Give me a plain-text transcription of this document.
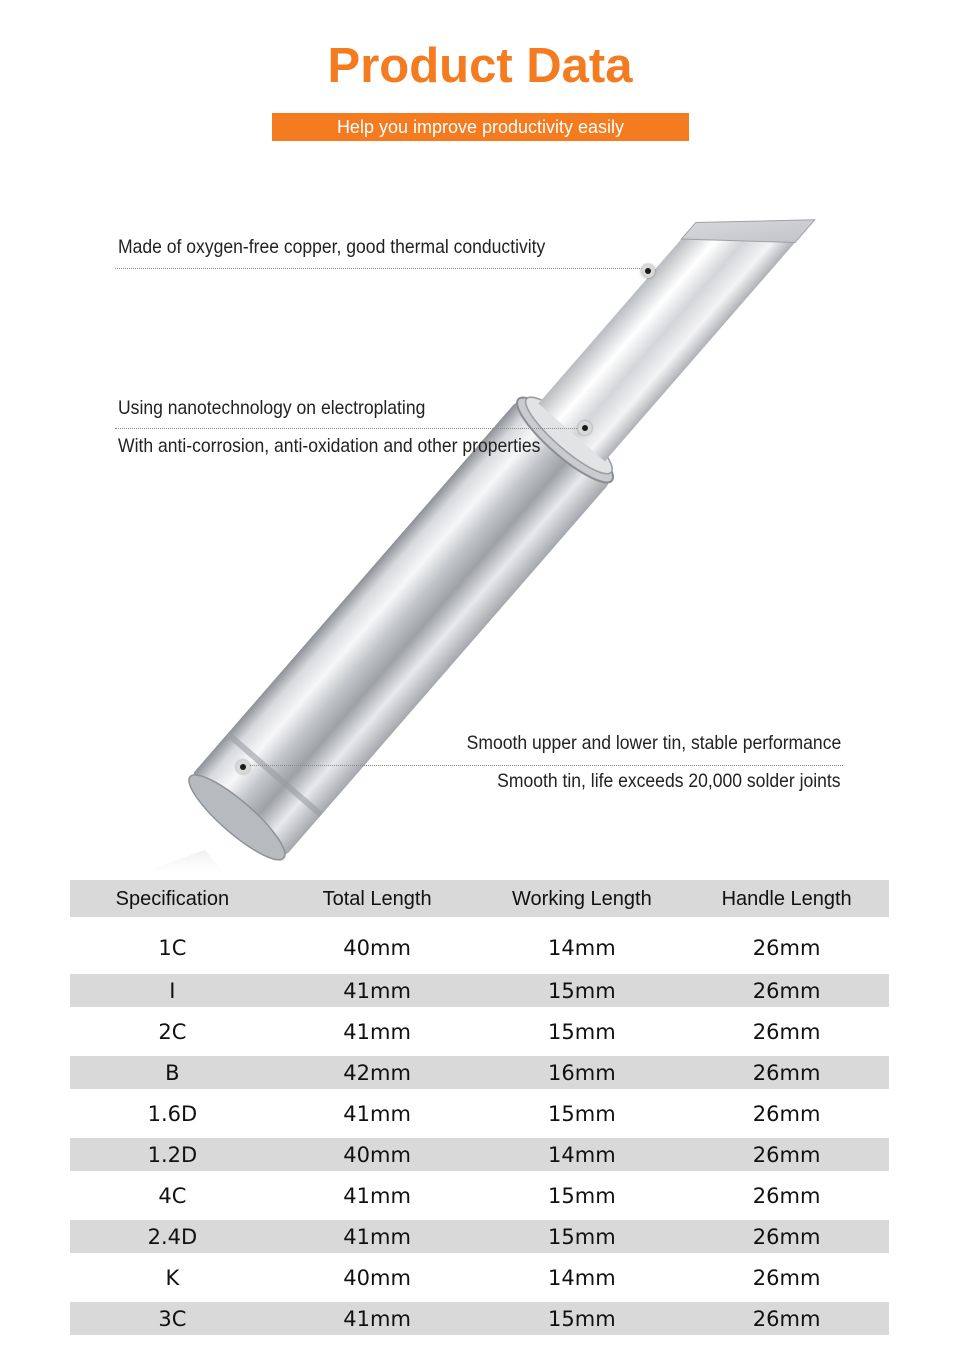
Product Data
Help you improve productivity easily
Made of oxygen-free copper, good thermal conductivity
Using nanotechnology on electroplating
With anti-corrosion, anti-oxidation and other properties
Smooth upper and lower tin, stable performance
Smooth tin, life exceeds 20,000 solder joints
Specification	Total Length	Working Length	Handle Length
1C	40mm	14mm	26mm
I	41mm	15mm	26mm
2C	41mm	15mm	26mm
B	42mm	16mm	26mm
1.6D	41mm	15mm	26mm
1.2D	40mm	14mm	26mm
4C	41mm	15mm	26mm
2.4D	41mm	15mm	26mm
K	40mm	14mm	26mm
3C	41mm	15mm	26mm
